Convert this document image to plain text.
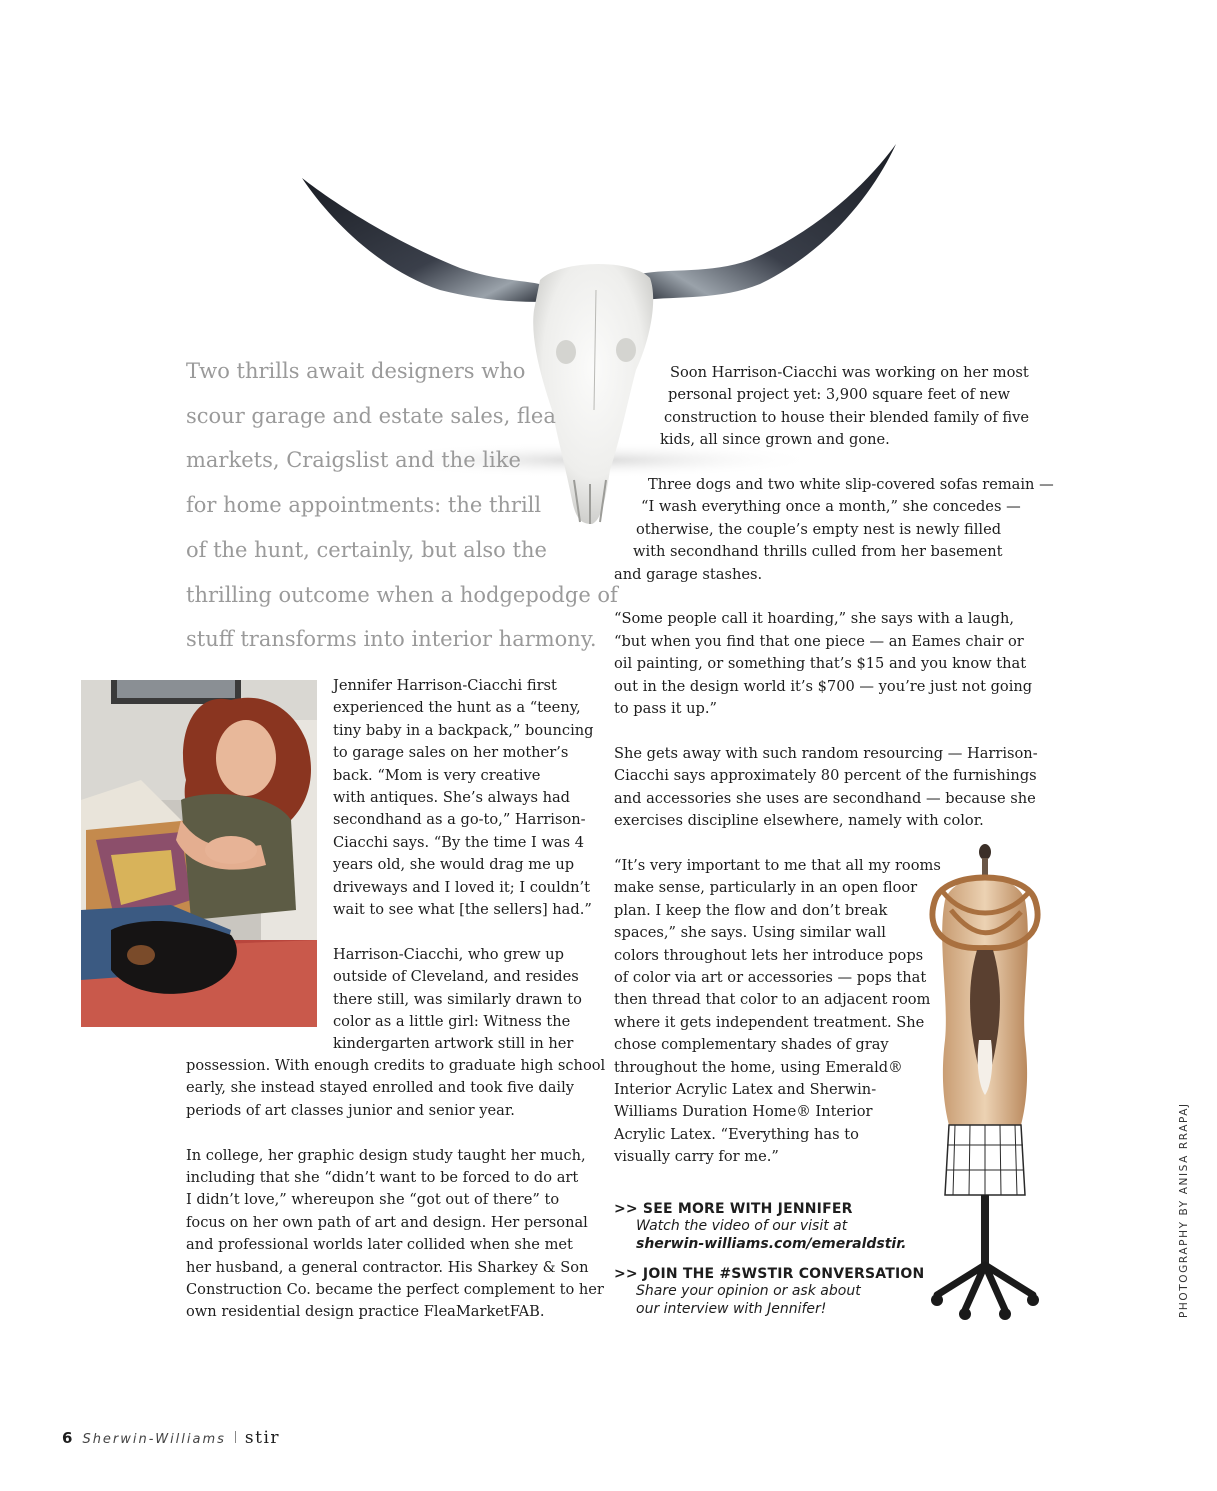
Two thrills await designers who

scour garage and estate sales, flea

markets, Craigslist and the like

for home appointments: the thrill

of the hunt, certainly, but also the

thrilling outcome when a hodgepodge of

stuff transforms into interior harmony.

Jennifer Harrison-Ciacchi first

experienced the hunt as a “teeny,

tiny baby in a backpack,” bouncing

to garage sales on her mother’s

back. “Mom is very creative

with antiques. She’s always had

secondhand as a go-to,” Harrison-

Ciacchi says. “By the time I was 4

years old, she would drag me up

driveways and I loved it; I couldn’t

wait to see what [the sellers] had.”

Harrison-Ciacchi, who grew up

outside of Cleveland, and resides

there still, was similarly drawn to

color as a little girl: Witness the

kindergarten artwork still in her

possession. With enough credits to graduate high school

early, she instead stayed enrolled and took five daily

periods of art classes junior and senior year.

In college, her graphic design study taught her much,

including that she “didn’t want to be forced to do art

I didn’t love,” whereupon she “got out of there” to

focus on her own path of art and design. Her personal

and professional worlds later collided when she met

her husband, a general contractor. His Sharkey & Son

Construction Co. became the perfect complement to her

own residential design practice FleaMarketFAB.

Soon Harrison-Ciacchi was working on her most

personal project yet: 3,900 square feet of new

construction to house their blended family of five

kids, all since grown and gone.

Three dogs and two white slip-covered sofas remain —

“I wash everything once a month,” she concedes —

otherwise, the couple’s empty nest is newly filled

with secondhand thrills culled from her basement

and garage stashes.

“Some people call it hoarding,” she says with a laugh,

“but when you find that one piece — an Eames chair or

oil painting, or something that’s $15 and you know that

out in the design world it’s $700 — you’re just not going

to pass it up.”

She gets away with such random resourcing — Harrison-

Ciacchi says approximately 80 percent of the furnishings

and accessories she uses are secondhand — because she

exercises discipline elsewhere, namely with color.

“It’s very important to me that all my rooms

make sense, particularly in an open floor

plan. I keep the flow and don’t break

spaces,” she says. Using similar wall

colors throughout lets her introduce pops

of color via art or accessories — pops that

then thread that color to an adjacent room

where it gets independent treatment. She

chose complementary shades of gray

throughout the home, using Emerald®

Interior Acrylic Latex and Sherwin-

Williams Duration Home® Interior

Acrylic Latex. “Everything has to

visually carry for me.”

>> SEE MORE WITH JENNIFER
Watch the video of our visit at
sherwin-williams.com/emeraldstir.
>> JOIN THE #SWSTIR CONVERSATION
Share your opinion or ask about
our interview with Jennifer!	PHOTOGRAPHY BY ANISA RRAPAJ
6 Sherwin-Williams stir
